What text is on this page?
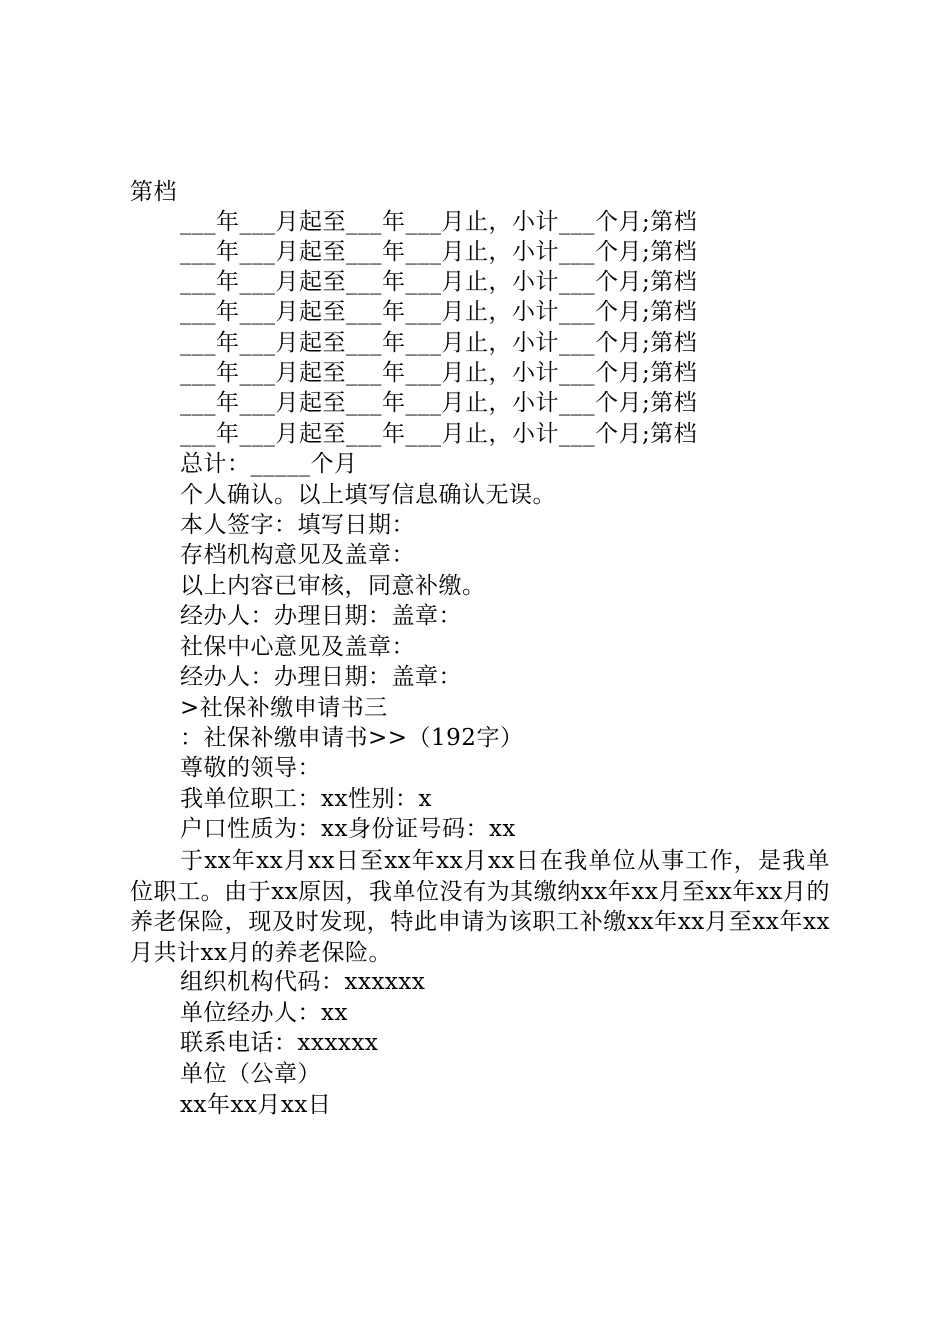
第档
___年___月起至___年___月止，小计___个月;第档
___年___月起至___年___月止，小计___个月;第档
___年___月起至___年___月止，小计___个月;第档
___年___月起至___年___月止，小计___个月;第档
___年___月起至___年___月止，小计___个月;第档
___年___月起至___年___月止，小计___个月;第档
___年___月起至___年___月止，小计___个月;第档
___年___月起至___年___月止，小计___个月;第档
总计：_____个月
个人确认。以上填写信息确认无误。
本人签字：填写日期：
存档机构意见及盖章：
以上内容已审核，同意补缴。
经办人：办理日期：盖章：
社保中心意见及盖章：
经办人：办理日期：盖章：
>社保补缴申请书三
：社保补缴申请书>>（192字）
尊敬的领导：
我单位职工：xx性别：x
户口性质为：xx身份证号码：xx
于xx年xx月xx日至xx年xx月xx日在我单位从事工作，是我单位职工。由于xx原因，我单位没有为其缴纳xx年xx月至xx年xx月的养老保险，现及时发现，特此申请为该职工补缴xx年xx月至xx年xx月共计xx月的养老保险。
组织机构代码：xxxxxx
单位经办人：xx
联系电话：xxxxxx
单位（公章）
xx年xx月xx日
